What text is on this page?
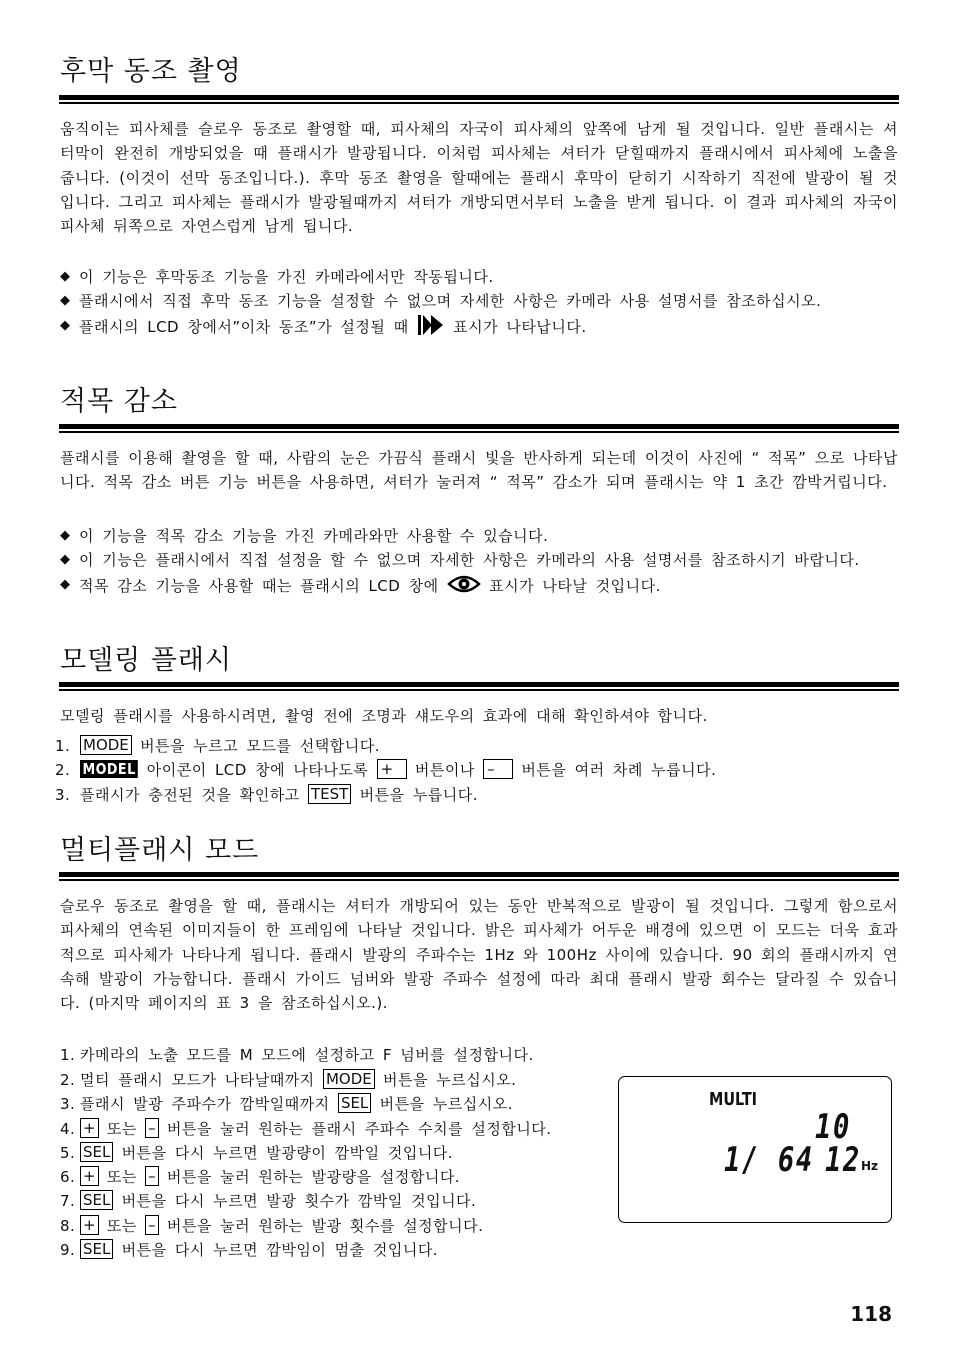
후막 동조 촬영

움직이는 피사체를 슬로우 동조로 촬영할 때, 피사체의 자국이 피사체의 앞쪽에 남게 될 것입니다. 일반 플래시는 셔터막이 완전히 개방되었을 때 플래시가 발광됩니다. 이처럼 피사체는 셔터가 닫힐때까지 플래시에서 피사체에 노출을 줍니다. (이것이 선막 동조입니다.). 후막 동조 촬영을 할때에는 플래시 후막이 닫히기 시작하기 직전에 발광이 될 것입니다. 그리고 피사체는 플래시가 발광될때까지 셔터가 개방되면서부터 노출을 받게 됩니다. 이 결과 피사체의 자국이 피사체 뒤쪽으로 자연스럽게 남게 됩니다.

◆ 이 기능은 후막동조 기능을 가진 카메라에서만 작동됩니다.
◆ 플래시에서 직접 후막 동조 기능을 설정할 수 없으며 자세한 사항은 카메라 사용 설명서를 참조하십시오.
◆ 플래시의 LCD 창에서”이차 동조”가 설정될 때	표시가 나타납니다.
적목 감소

플래시를 이용해 촬영을 할 때, 사람의 눈은 가끔식 플래시 빛을 반사하게 되는데 이것이 사진에 “ 적목” 으로 나타납니다. 적목 감소 버튼 기능 버튼을 사용하면, 셔터가 눌러져 “ 적목” 감소가 되며 플래시는 약 1 초간 깜박거립니다.

◆ 이 기능을 적목 감소 기능을 가진 카메라와만 사용할 수 있습니다.
◆ 이 기능은 플래시에서 직접 설정을 할 수 없으며 자세한 사항은 카메라의 사용 설명서를 참조하시기 바랍니다.
◆ 적목 감소 기능을 사용할 때는 플래시의 LCD 창에	표시가 나타날 것입니다.
모델링 플래시

모델링 플래시를 사용하시려면, 촬영 전에 조명과 섀도우의 효과에 대해 확인하셔야 합니다.

1. MODE 버튼을 누르고 모드를 선택합니다.
2. MODEL 아이콘이 LCD 창에 나타나도록 + 버튼이나 – 버튼을 여러 차례 누릅니다.
3. 플래시가 충전된 것을 확인하고 TEST 버튼을 누릅니다.
멀티플래시 모드

슬로우 동조로 촬영을 할 때, 플래시는 셔터가 개방되어 있는 동안 반복적으로 발광이 될 것입니다. 그렇게 함으로서 피사체의 연속된 이미지들이 한 프레임에 나타날 것입니다. 밝은 피사체가 어두운 배경에 있으면 이 모드는 더욱 효과적으로 피사체가 나타나게 됩니다. 플래시 발광의 주파수는 1Hz 와 100Hz 사이에 있습니다. 90 회의 플래시까지 연속해 발광이 가능합니다. 플래시 가이드 넘버와 발광 주파수 설정에 따라 최대 플래시 발광 회수는 달라질 수 있습니다. (마지막 페이지의 표 3 을 참조하십시오.).

1. 카메라의 노출 모드를 M 모드에 설정하고 F 넘버를 설정합니다.
2. 멀티 플래시 모드가 나타날때까지 MODE 버튼을 누르십시오.
3. 플래시 발광 주파수가 깜박일때까지 SEL 버튼을 누르십시오.
4. + 또는 – 버튼을 눌러 원하는 플래시 주파수 수치를 설정합니다.
5. SEL 버튼을 다시 누르면 발광량이 깜박일 것입니다.
6. + 또는 – 버튼을 눌러 원하는 발광량을 설정합니다.
7. SEL 버튼을 다시 누르면 발광 횟수가 깜박일 것입니다.
8. + 또는 – 버튼을 눌러 원하는 발광 횟수를 설정합니다.
9. SEL 버튼을 다시 누르면 깜박임이 멈출 것입니다.
MULTI
10
1/ 64 12 Hz
118
